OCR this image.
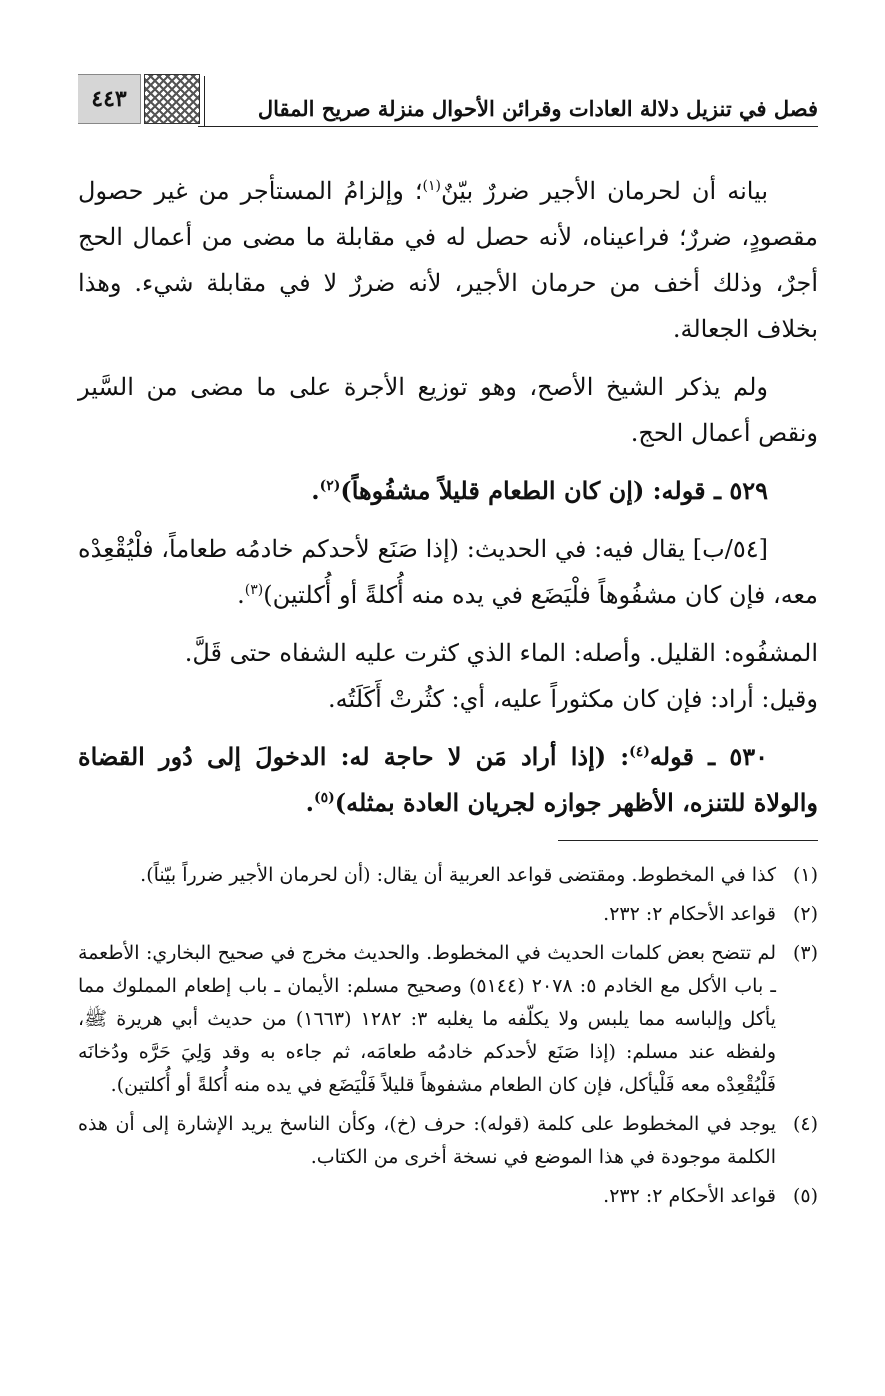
فصل في تنزيل دلالة العادات وقرائن الأحوال منزلة صريح المقال
٤٤٣

بيانه أن لحرمان الأجير ضررٌ بيّنٌ$^{(١)}$؛ وإلزامُ المستأجر من غير حصول مقصودٍ، ضررٌ؛ فراعيناه، لأنه حصل له في مقابلة ما مضى من أعمال الحج أجرٌ، وذلك أخف من حرمان الأجير، لأنه ضررٌ لا في مقابلة شيء. وهذا بخلاف الجعالة.

ولم يذكر الشيخ الأصح، وهو توزيع الأجرة على ما مضى من السَّير ونقص أعمال الحج.

٥٢٩ ـ قوله: (إن كان الطعام قليلاً مشفُوهاً)$^{(٢)}$.

[٥٤/ب] يقال فيه: في الحديث: (إذا صَنَع لأحدكم خادمُه طعاماً، فلْيُقْعِدْه معه، فإن كان مشفُوهاً فلْيَضَع في يده منه أُكلةً أو أُكلتين)$^{(٣)}$.

المشفُوه: القليل. وأصله: الماء الذي كثرت عليه الشفاه حتى قَلَّ.
وقيل: أراد: فإن كان مكثوراً عليه، أي: كثُرتْ أَكَلَتُه.

٥٣٠ ـ قوله$^{(٤)}$: (إذا أراد مَن لا حاجة له: الدخولَ إلى دُور القضاة والولاة للتنزه، الأظهر جوازه لجريان العادة بمثله)$^{(٥)}$.

(١)
كذا في المخطوط. ومقتضى قواعد العربية أن يقال: (أن لحرمان الأجير ضرراً بيّناً).
(٢)
قواعد الأحكام ٢: ٢٣٢.
(٣)
لم تتضح بعض كلمات الحديث في المخطوط. والحديث مخرج في صحيح البخاري: الأطعمة ـ باب الأكل مع الخادم ٥: ٢٠٧٨ (٥١٤٤) وصحيح مسلم: الأيمان ـ باب إطعام المملوك مما يأكل وإلباسه مما يلبس ولا يكلّفه ما يغلبه ٣: ١٢٨٢ (١٦٦٣) من حديث أبي هريرة ﷺ، ولفظه عند مسلم: (إذا صَنَع لأحدكم خادمُه طعامَه، ثم جاءه به وقد وَلِيَ حَرَّه ودُخانَه فَلْيُقْعِدْه معه فَلْيأكل، فإن كان الطعام مشفوهاً قليلاً فَلْيَضَع في يده منه أُكلةً أو أُكلتين).
(٤)
يوجد في المخطوط على كلمة (قوله): حرف (خ)، وكأن الناسخ يريد الإشارة إلى أن هذه الكلمة موجودة في هذا الموضع في نسخة أخرى من الكتاب.
(٥)
قواعد الأحكام ٢: ٢٣٢.
